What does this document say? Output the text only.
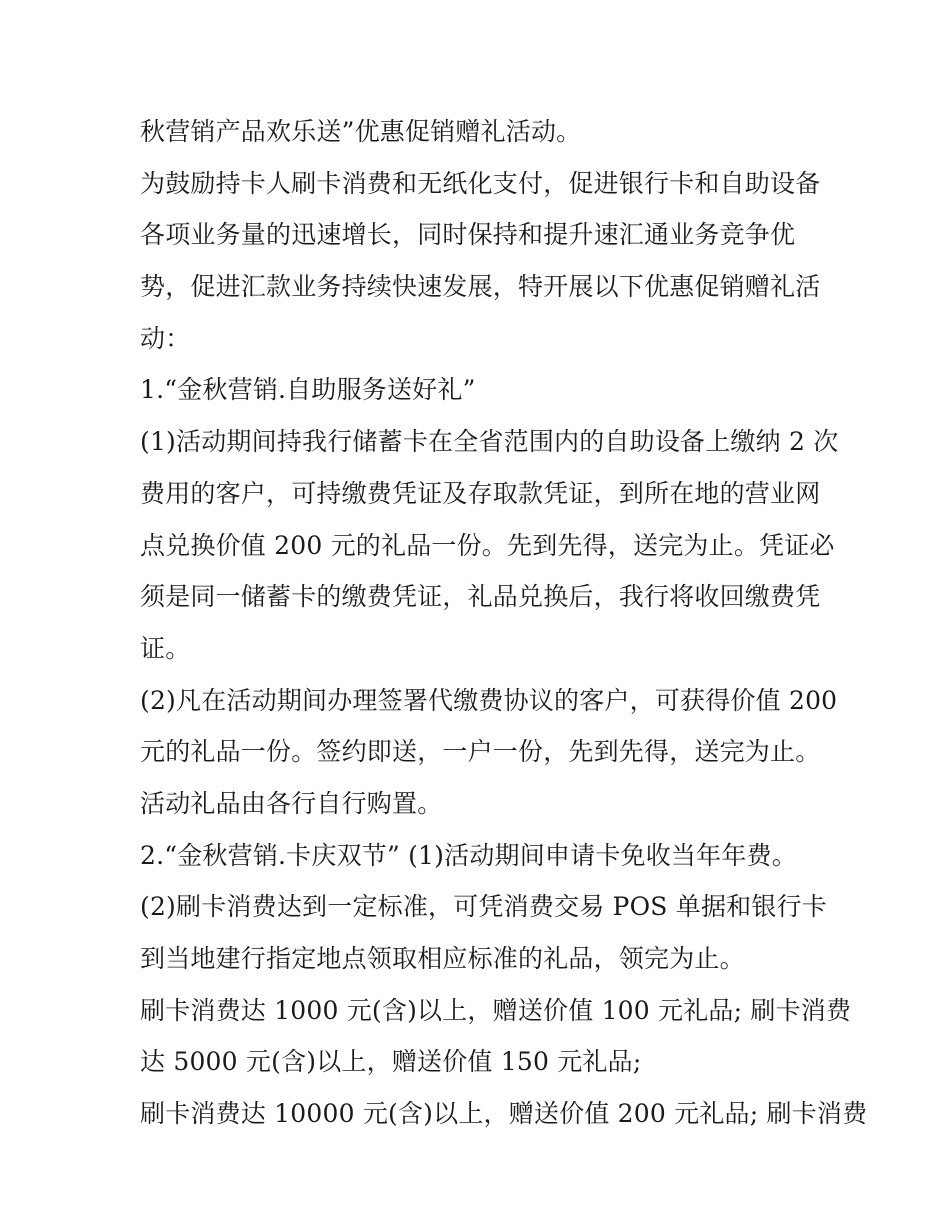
秋营销产品欢乐送”优惠促销赠礼活动。
为鼓励持卡人刷卡消费和无纸化支付，促进银行卡和自助设备
各项业务量的迅速增长，同时保持和提升速汇通业务竞争优
势，促进汇款业务持续快速发展，特开展以下优惠促销赠礼活
动：
1.“金秋营销.自助服务送好礼”
(1)活动期间持我行储蓄卡在全省范围内的自助设备上缴纳 2 次
费用的客户，可持缴费凭证及存取款凭证，到所在地的营业网
点兑换价值 200 元的礼品一份。先到先得，送完为止。凭证必
须是同一储蓄卡的缴费凭证，礼品兑换后，我行将收回缴费凭
证。
(2)凡在活动期间办理签署代缴费协议的客户，可获得价值 200
元的礼品一份。签约即送，一户一份，先到先得，送完为止。
活动礼品由各行自行购置。
2.“金秋营销.卡庆双节” (1)活动期间申请卡免收当年年费。
(2)刷卡消费达到一定标准，可凭消费交易 POS 单据和银行卡
到当地建行指定地点领取相应标准的礼品，领完为止。
刷卡消费达 1000 元(含)以上，赠送价值 100 元礼品; 刷卡消费
达 5000 元(含)以上，赠送价值 150 元礼品;
刷卡消费达 10000 元(含)以上，赠送价值 200 元礼品; 刷卡消费
